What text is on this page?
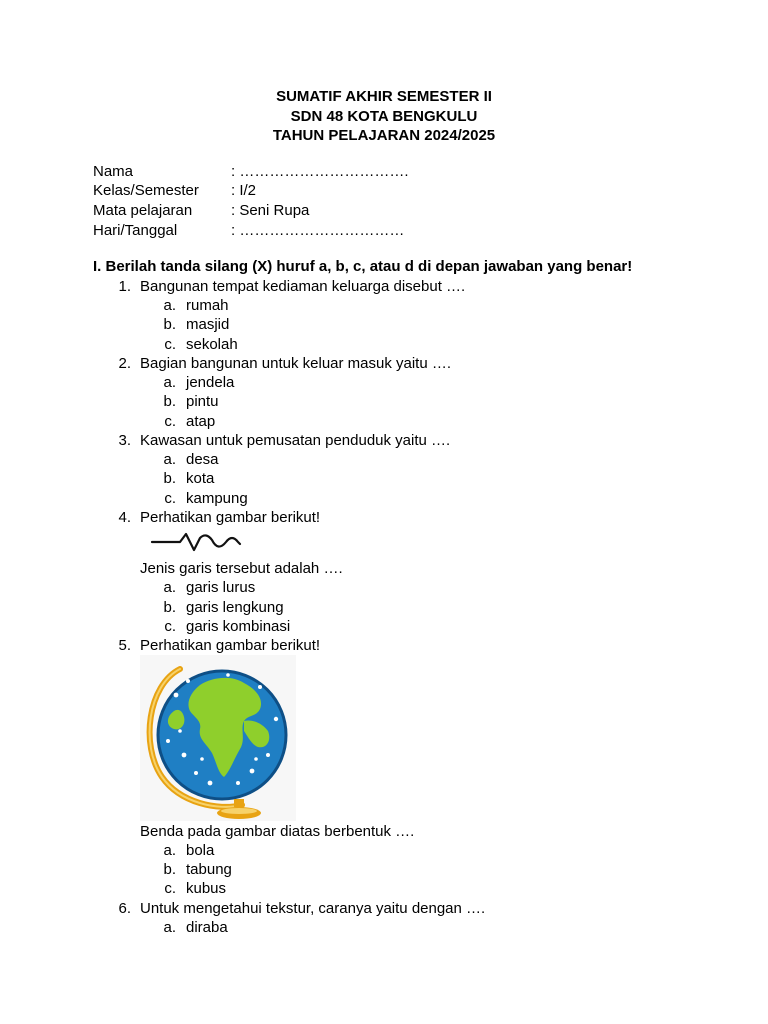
SUMATIF AKHIR SEMESTER II
SDN 48 KOTA BENGKULU
TAHUN PELAJARAN 2024/2025
Nama	: …………………………….
Kelas/Semester : I/2
Mata pelajaran	: Seni Rupa
Hari/Tanggal	: ……………………………
I. Berilah tanda silang (X) huruf a, b, c, atau d di depan jawaban yang benar!
1. Bangunan tempat kediaman keluarga disebut ….
a. rumah
b. masjid
c. sekolah
2. Bagian bangunan untuk keluar masuk yaitu ….
a. jendela
b. pintu
c. atap
3. Kawasan untuk pemusatan penduduk yaitu ….
a. desa
b. kota
c. kampung
4. Perhatikan gambar berikut!
Jenis garis tersebut adalah ….
a. garis lurus
b. garis lengkung
c. garis kombinasi
5. Perhatikan gambar berikut!
Benda pada gambar diatas berbentuk ….
a. bola
b. tabung
c. kubus
6. Untuk mengetahui tekstur, caranya yaitu dengan ….
a. diraba
